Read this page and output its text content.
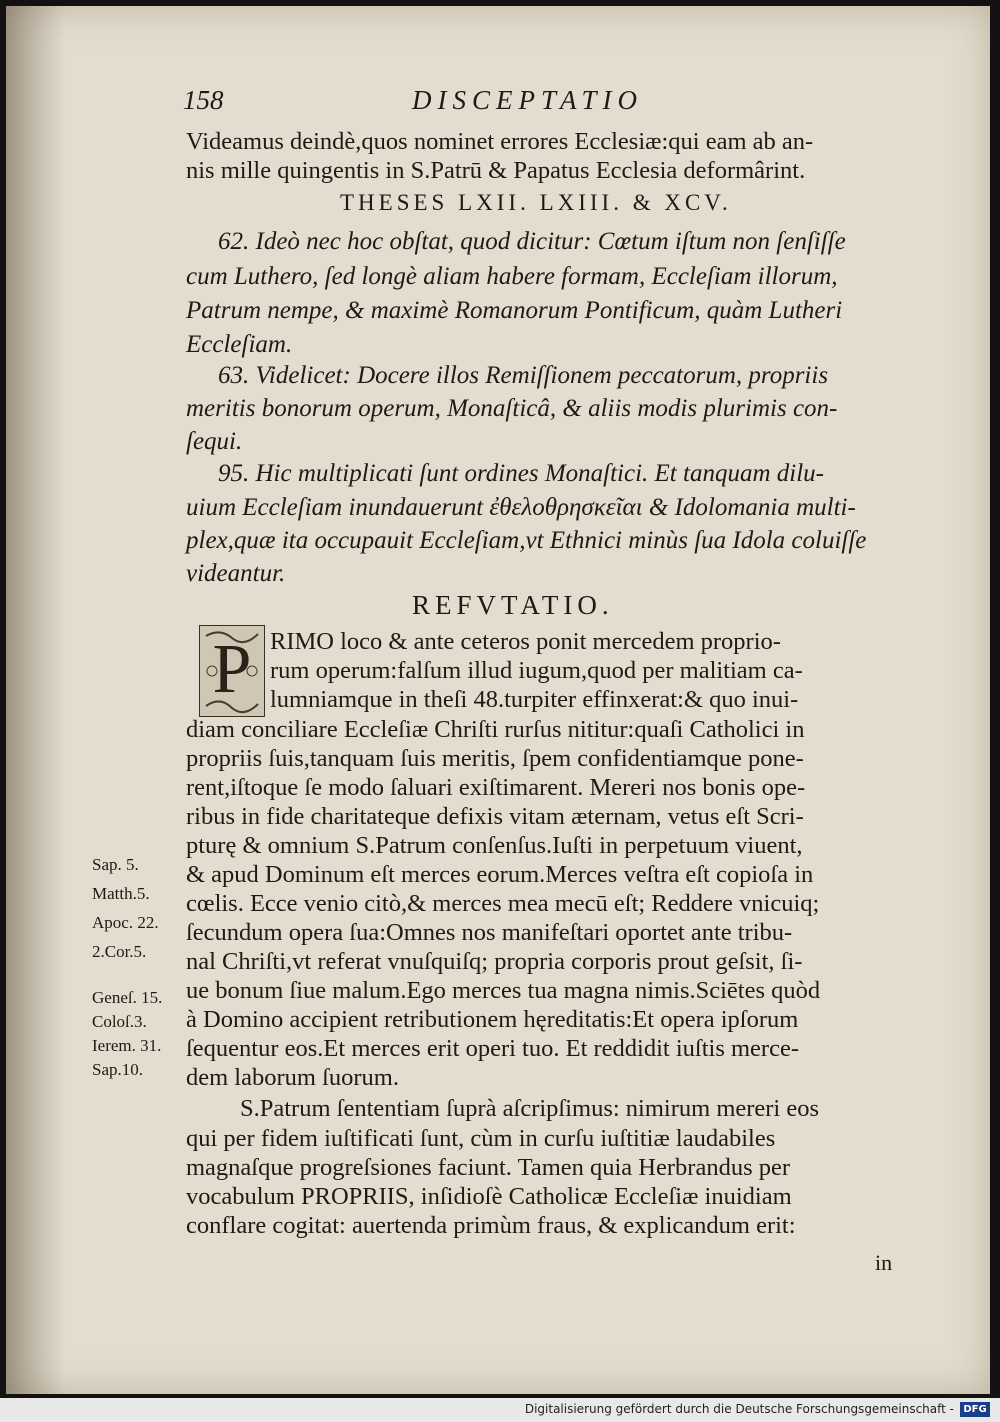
158	DISCEPTATIO
Videamus deindè,quos nominet errores Ecclesiæ:qui eam ab an-
nis mille quingentis in S.Patrū & Papatus Ecclesia deformârint.
THESES LXII. LXIII. & XCV.
62. Ideò nec hoc obſtat, quod dicitur: Cœtum iſtum non ſenſiſſe
cum Luthero, ſed longè aliam habere formam, Eccleſiam illorum,
Patrum nempe, & maximè Romanorum Pontificum, quàm Lutheri
Eccleſiam.
63. Videlicet: Docere illos Remiſſionem peccatorum, propriis
meritis bonorum operum, Monaſticâ, & aliis modis plurimis con-
ſequi.
95. Hic multiplicati ſunt ordines Monaſtici. Et tanquam dilu-
uium Eccleſiam inundauerunt ἐθελοθρησκεῖαι & Idolomania multi-
plex,quæ ita occupauit Eccleſiam,vt Ethnici minùs ſua Idola coluiſſe
videantur.
REFVTATIO.
P RIMO loco & ante ceteros ponit mercedem proprio-
rum operum:falſum illud iugum,quod per malitiam ca-
lumniamque in theſi 48.turpiter effinxerat:& quo inui-
diam conciliare Eccleſiæ Chriſti rurſus nititur:quaſi Catholici in
propriis ſuis,tanquam ſuis meritis, ſpem confidentiamque pone-
rent,iſtoque ſe modo ſaluari exiſtimarent. Mereri nos bonis ope-
ribus in fide charitateque defixis vitam æternam, vetus eſt Scri-
pturę & omnium S.Patrum conſenſus.Iuſti in perpetuum viuent,
& apud Dominum eſt merces eorum.Merces veſtra eſt copioſa in
cœlis. Ecce venio citò,& merces mea mecū eſt; Reddere vnicuiq;
ſecundum opera ſua:Omnes nos manifeſtari oportet ante tribu-
nal Chriſti,vt referat vnuſquiſq; propria corporis prout geſsit, ſi-
ue bonum ſiue malum.Ego merces tua magna nimis.Sciētes quòd
à Domino accipient retributionem hęreditatis:Et opera ipſorum
ſequentur eos.Et merces erit operi tuo. Et reddidit iuſtis merce-
dem laborum ſuorum.
S.Patrum ſententiam ſuprà aſcripſimus: nimirum mereri eos
qui per fidem iuſtificati ſunt, cùm in curſu iuſtitiæ laudabiles
magnaſque progreſsiones faciunt. Tamen quia Herbrandus per
vocabulum PROPRIIS, inſidioſè Catholicæ Eccleſiæ inuidiam
conflare cogitat: auertenda primùm fraus, & explicandum erit:
in
Sap. 5.
Matth.5.
Apoc. 22.
2.Cor.5.
Geneſ. 15.
Coloſ.3.
Ierem. 31.
Sap.10.
Digitalisierung gefördert durch die Deutsche Forschungsgemeinschaft - DFG
